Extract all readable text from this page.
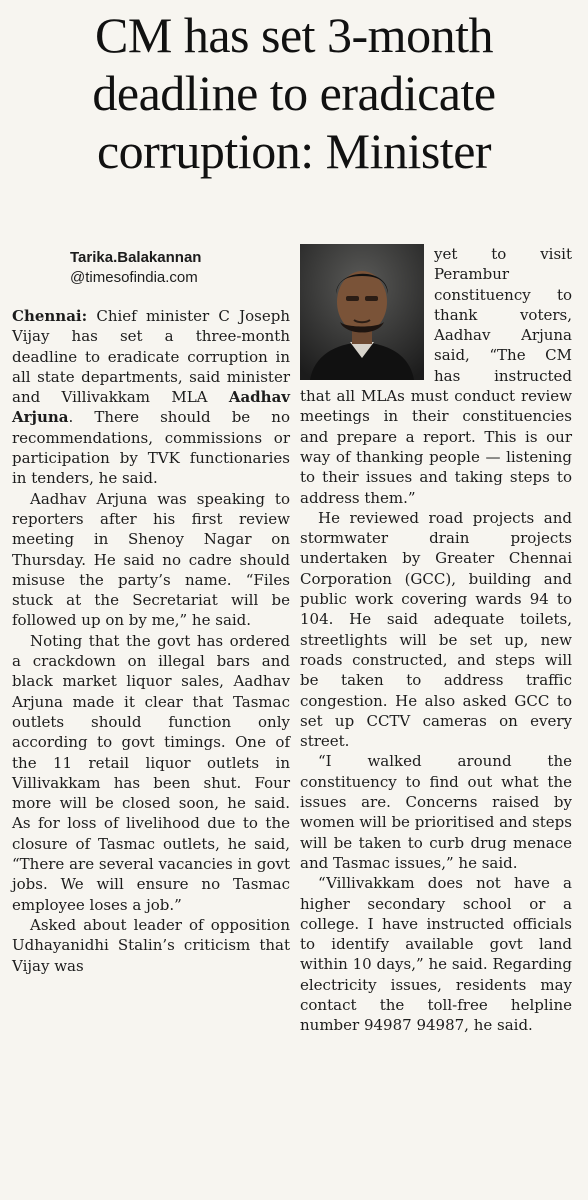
CM has set 3-month
deadline to eradicate
corruption: Minister
Tarika.Balakannan
@timesofindia.com

Chennai: Chief minister C Joseph Vijay has set a three-month deadline to eradicate corruption in all state departments, said minister and Villivakkam MLA Aadhav Arjuna. There should be no recommendations, commissions or participation by TVK functionaries in tenders, he said.

Aadhav Arjuna was speaking to reporters after his first review meeting in Shenoy Nagar on Thursday. He said no cadre should misuse the party’s name. “Files stuck at the Secretariat will be followed up on by me,” he said.

Noting that the govt has ordered a crackdown on illegal bars and black market liquor sales, Aadhav Arjuna made it clear that Tasmac outlets should function only according to govt timings. One of the 11 retail liquor outlets in Villivakkam has been shut. Four more will be closed soon, he said. As for loss of livelihood due to the closure of Tasmac outlets, he said, “There are several vacancies in govt jobs. We will ensure no Tasmac employee loses a job.”

Asked about leader of opposition Udhayanidhi Stalin’s criticism that Vijay was

yet to visit Perambur constituency to thank voters, Aadhav Arjuna said, “The CM has instructed that all MLAs must conduct review meetings in their constituencies and prepare a report. This is our way of thanking people — listening to their issues and taking steps to address them.”

He reviewed road projects and stormwater drain projects undertaken by Greater Chennai Corporation (GCC), building and public work covering wards 94 to 104. He said adequate toilets, streetlights will be set up, new roads constructed, and steps will be taken to address traffic congestion. He also asked GCC to set up CCTV cameras on every street.

“I walked around the constituency to find out what the issues are. Concerns raised by women will be prioritised and steps will be taken to curb drug menace and Tasmac issues,” he said.

“Villivakkam does not have a higher secondary school or a college. I have instructed officials to identify available govt land within 10 days,” he said. Regarding electricity issues, residents may contact the toll-free helpline number 94987 94987, he said.
